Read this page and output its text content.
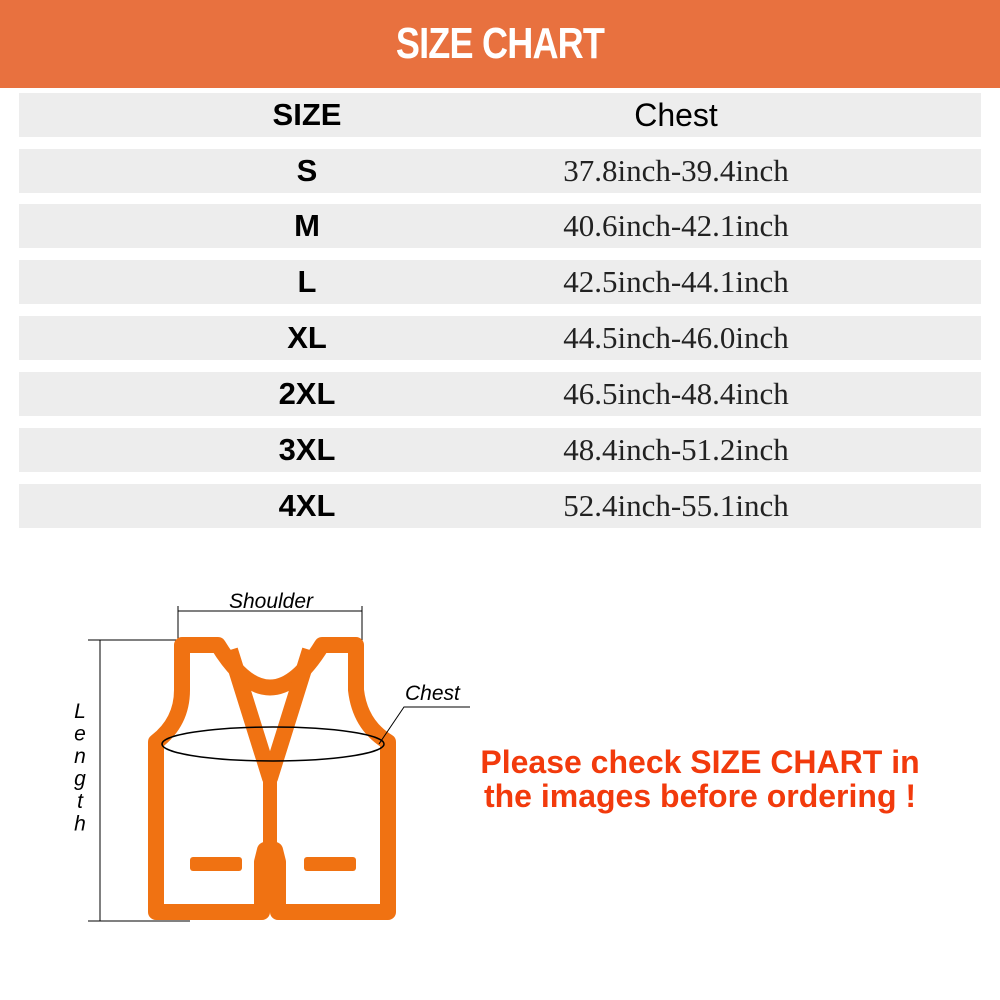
SIZE CHART
SIZE	Chest
S	37.8inch-39.4inch
M	40.6inch-42.1inch
L	42.5inch-44.1inch
XL	44.5inch-46.0inch
2XL	46.5inch-48.4inch
3XL	48.4inch-51.2inch
4XL	52.4inch-55.1inch
Shoulder
L e n g t h
Chest
Please check SIZE CHART in
the images before ordering !
